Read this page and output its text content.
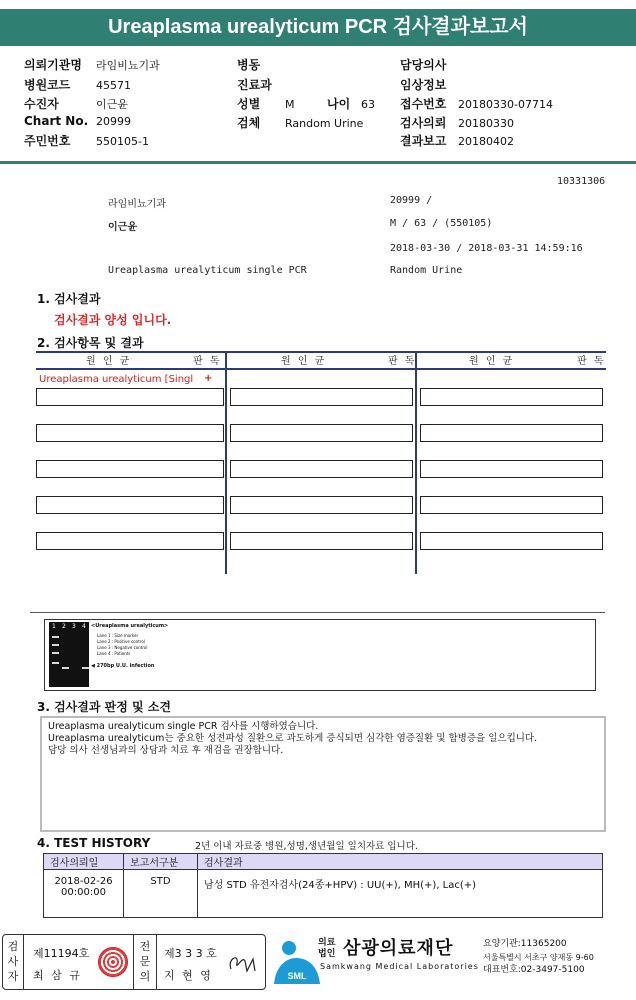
Ureaplasma urealyticum PCR 검사결과보고서
의뢰기관명 라임비뇨기과
병원코드 45571
수진자	이근윤
Chart No. 20999
주민번호 550105-1
병동
진료과
성별 M	나이 63
검체 Random Urine
담당의사
임상정보
접수번호 20180330-07714
검사의뢰 20180330
결과보고 20180402
10331306
라임비뇨기과	20999 /
이근윤	M / 63 / (550105)
2018-03-30 / 2018-03-31 14:59:16
Ureaplasma urealyticum single PCR	Random Urine
1. 검사결과
검사결과 양성 입니다.
2. 검사항목 및 결과
원 인 균	판 독	원 인 균	판 독	원 인 균	판 독
Ureaplasma urealyticum [Singl +
1 2 3 4 <Ureaplasma urealyticum>
Lane 1 : Size marker
Lane 2 : Positive control
Lane 3 : Negative control
Lane 4 : Patients
◀ 270bp U.U. infection
3. 검사결과 판정 및 소견
Ureaplasma urealyticum single PCR 검사를 시행하였습니다.
Ureaplasma urealyticum는 중요한 성전파성 질환으로 과도하게 증식되면 심각한 염증질환 및 합병증을 일으킵니다.
담당 의사 선생님과의 상담과 치료 후 재검을 권장합니다.
4. TEST HISTORY	2년 이내 자료중 병원,성명,생년월일 일치자료 입니다.
검사의뢰일	보고서구분	검사결과

2018-02-26
00:00:00	STD	남성 STD 유전자검사(24종+HPV) : UU(+), MH(+), Lac(+)
검사자
제11194호
최 삼 규
전문의
제3 3 3 호
지 현 영	SML
의료
법인 삼광의료재단
Samkwang Medical Laboratories
요양기관:11365200
서울특별시 서초구 양재동 9-60
대표번호:02-3497-5100
